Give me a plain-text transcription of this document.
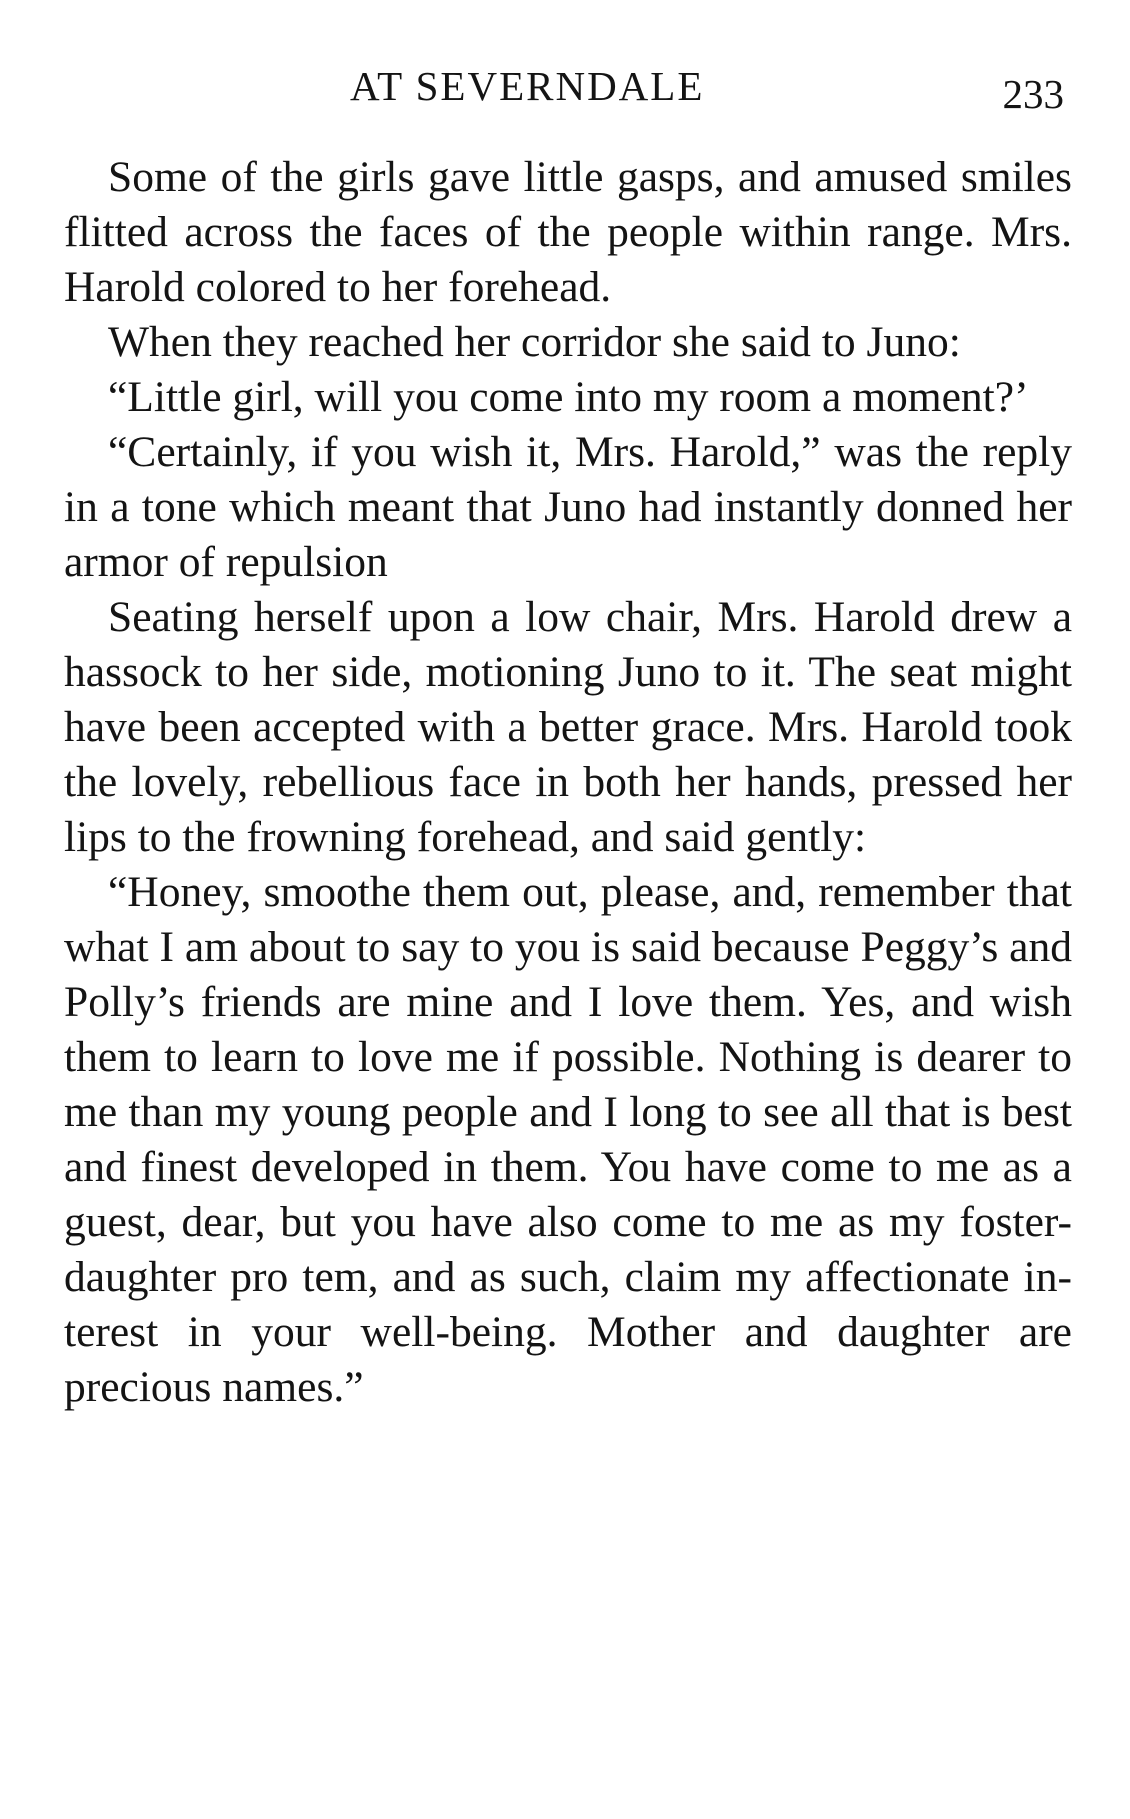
AT SEVERNDALE	233

Some of the girls gave little gasps, and amused smiles flitted across the faces of the people within range. Mrs. Harold colored to her forehead.

When they reached her corridor she said to Juno:

“Little girl, will you come into my room a moment?’

“Certainly, if you wish it, Mrs. Harold,” was the reply in a tone which meant that Juno had instantly donned her armor of repulsion

Seating herself upon a low chair, Mrs. Harold drew a hassock to her side, motioning Juno to it. The seat might have been accepted with a better grace. Mrs. Harold took the lovely, rebellious face in both her hands, pressed her lips to the frowning forehead, and said gently:

“Honey, smoothe them out, please, and, remember that what I am about to say to you is said because Peggy’s and Polly’s friends are mine and I love them. Yes, and wish them to learn to love me if possible. Nothing is dearer to me than my young people and I long to see all that is best and finest developed in them. You have come to me as a guest, dear, but you have also come to me as my foster-daughter pro tem, and as such, claim my affectionate interest in your well-being. Mother and daughter are precious names.”
